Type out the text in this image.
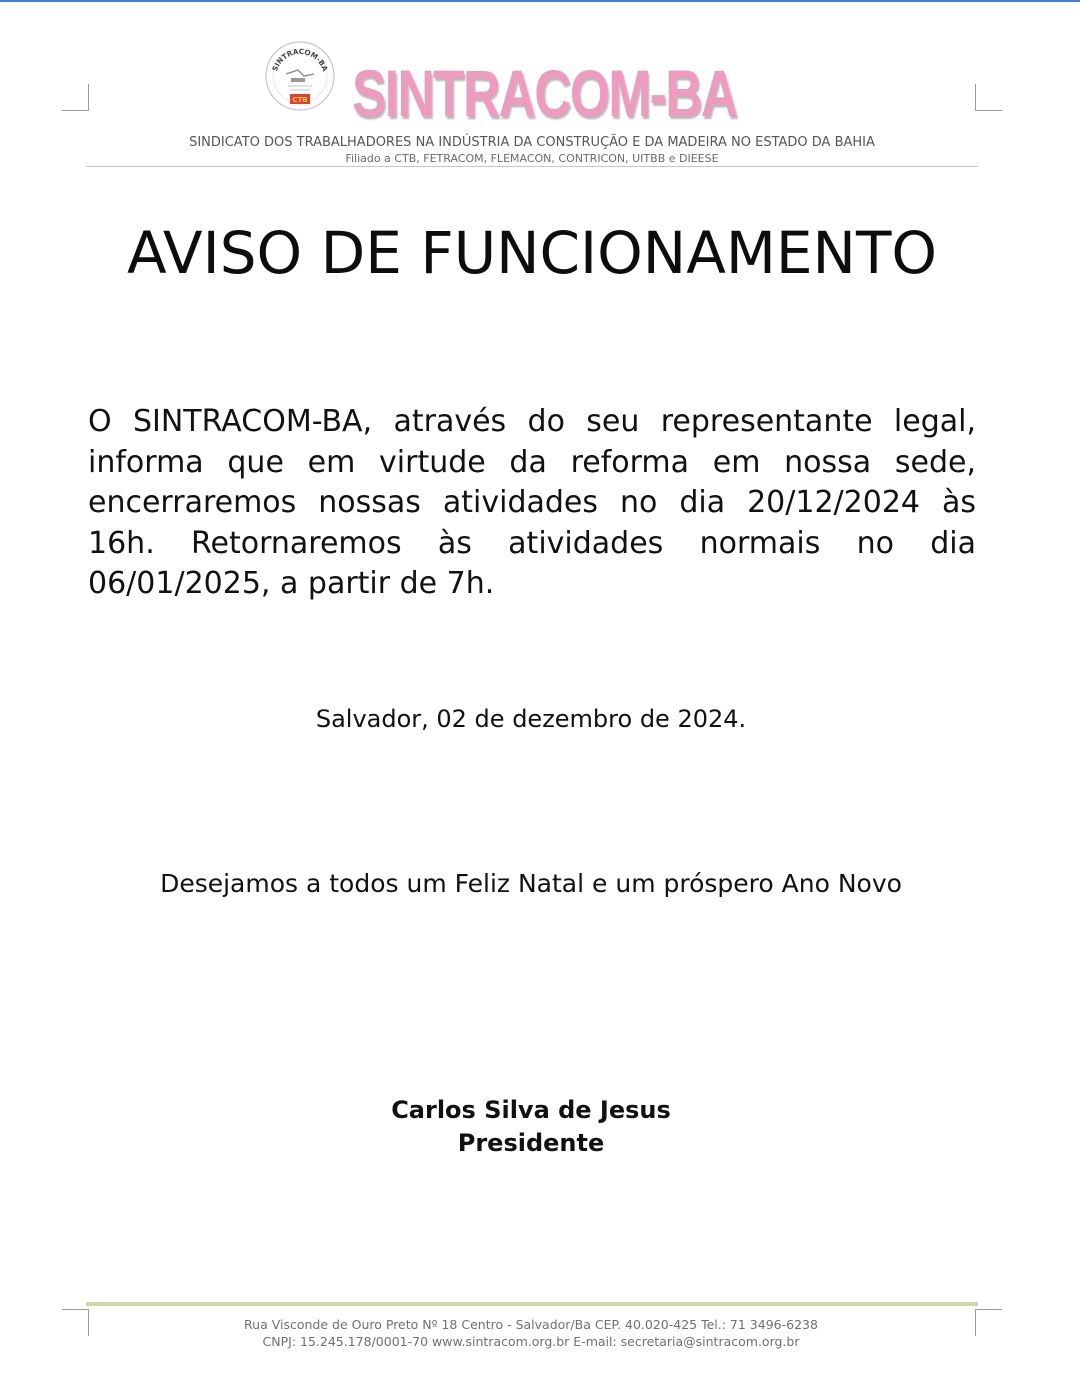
SINTRACOM-BA
CTB SINTRACOM-BA
SINDICATO DOS TRABALHADORES NA INDÚSTRIA DA CONSTRUÇÃO E DA MADEIRA NO ESTADO DA BAHIA
Filiado a CTB, FETRACOM, FLEMACON, CONTRICON, UITBB e DIEESE
AVISO DE FUNCIONAMENTO
O SINTRACOM-BA, através do seu representante legal, informa que em virtude da reforma em nossa sede, encerraremos nossas atividades no dia 20/12/2024 às 16h. Retornaremos às atividades normais no dia 06/01/2025, a partir de 7h.
Salvador, 02 de dezembro de 2024.
Desejamos a todos um Feliz Natal e um próspero Ano Novo
Carlos Silva de Jesus
Presidente
Rua Visconde de Ouro Preto Nº 18 Centro - Salvador/Ba CEP. 40.020-425 Tel.: 71 3496-6238
CNPJ: 15.245.178/0001-70 www.sintracom.org.br E-mail: secretaria@sintracom.org.br
